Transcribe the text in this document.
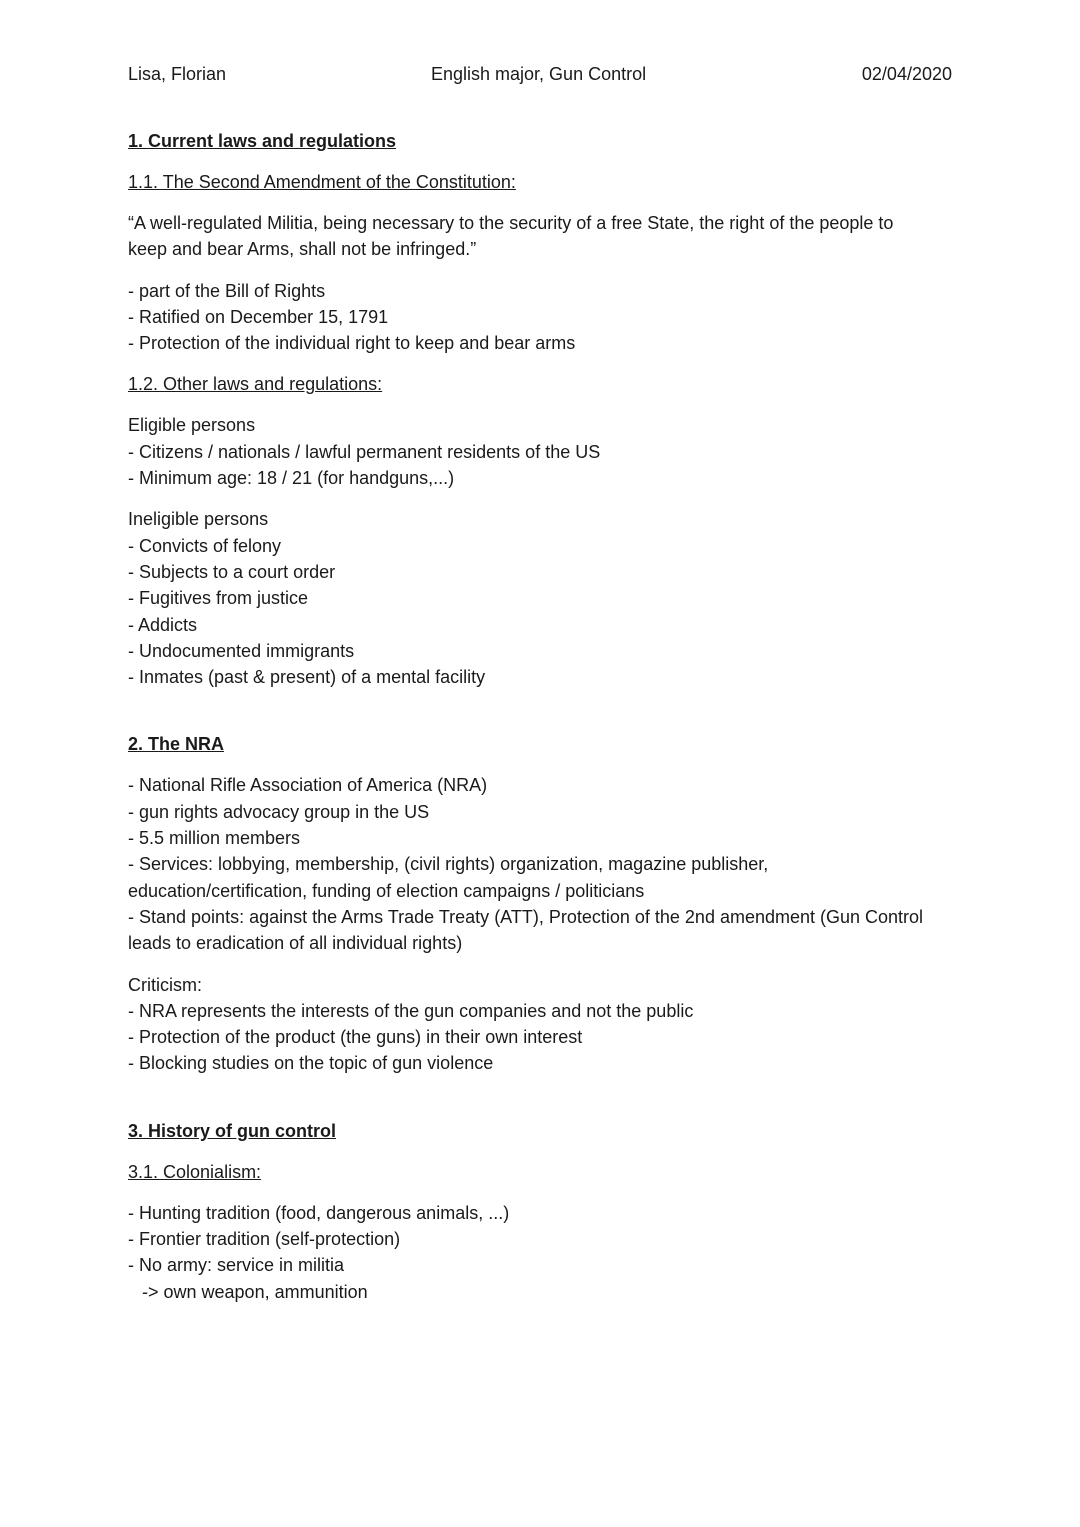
Lisa, Florian	English major, Gun Control	02/04/2020
1. Current laws and regulations
1.1. The Second Amendment of the Constitution:
“A well-regulated Militia, being necessary to the security of a free State, the right of the people to
keep and bear Arms, shall not be infringed.”
- part of the Bill of Rights
- Ratified on December 15, 1791
- Protection of the individual right to keep and bear arms
1.2. Other laws and regulations:
Eligible persons
- Citizens / nationals / lawful permanent residents of the US
- Minimum age: 18 / 21 (for handguns,...)
Ineligible persons
- Convicts of felony
- Subjects to a court order
- Fugitives from justice
- Addicts
- Undocumented immigrants
- Inmates (past & present) of a mental facility
2. The NRA
- National Rifle Association of America (NRA)
- gun rights advocacy group in the US
- 5.5 million members
- Services: lobbying, membership, (civil rights) organization, magazine publisher,
education/certification, funding of election campaigns / politicians
- Stand points: against the Arms Trade Treaty (ATT), Protection of the 2nd amendment (Gun Control
leads to eradication of all individual rights)
Criticism:
- NRA represents the interests of the gun companies and not the public
- Protection of the product (the guns) in their own interest
- Blocking studies on the topic of gun violence
3. History of gun control
3.1. Colonialism:
- Hunting tradition (food, dangerous animals, ...)
- Frontier tradition (self-protection)
- No army: service in militia
-> own weapon, ammunition
